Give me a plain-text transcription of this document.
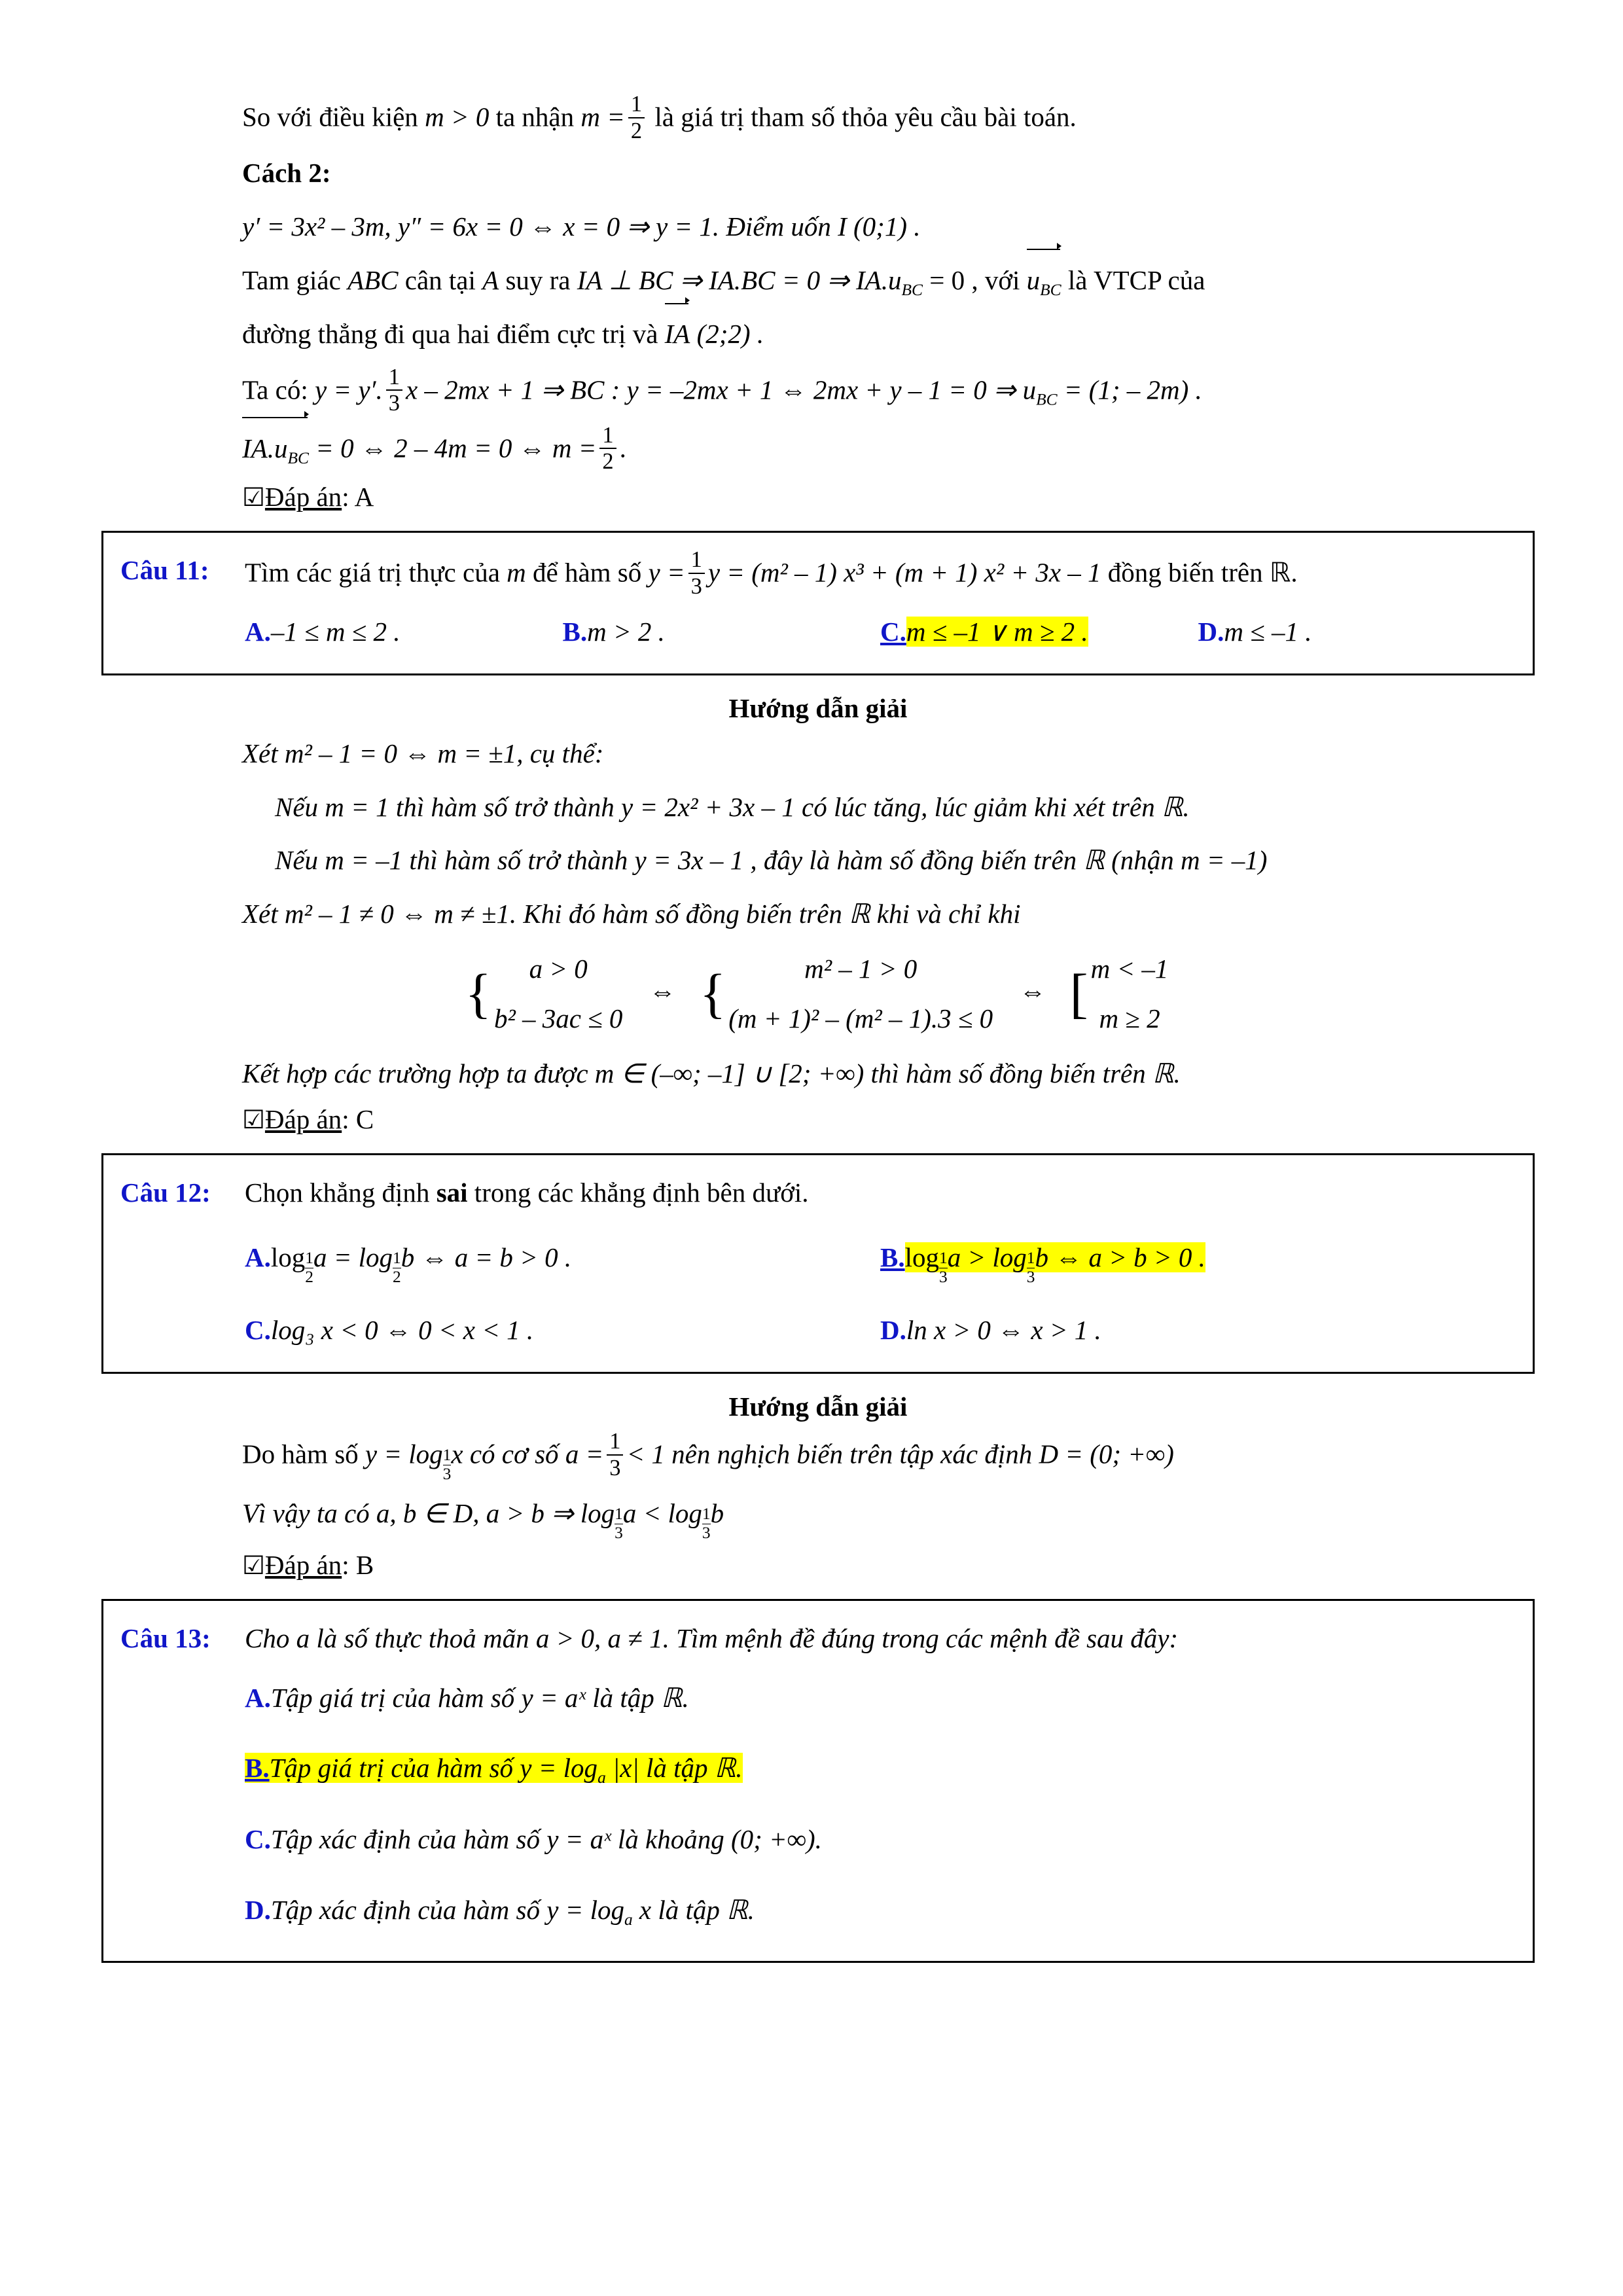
So với điều kiện m > 0 ta nhận $m = \frac{1}{2}$ là giá trị tham số thỏa yêu cầu bài toán.
Cách 2:
y′ = 3x² – 3m, y″ = 6x = 0 ⇔ x = 0 ⇒ y = 1. Điểm uốn I (0;1) .
Tam giác ABC cân tại A suy ra IA ⊥ BC ⇒ IA.BC = 0 ⇒ $IA.u_{BC} = 0$ , với $u_{BC}$ là VTCP của
đường thẳng đi qua hai điểm cực trị và IA (2;2) .
Ta có: y = y′. $\frac{1}{3}$ x – 2mx + 1 ⇒ BC : y = –2mx + 1 ⇔ 2mx + y – 1 = 0 ⇒ $u_{BC} = (1$; – 2m) .
$IA.u_{BC} = 0$ ⇔ 2 – 4m = 0 ⇔ $m = \frac{1}{2}$ .
☑Đáp án: A
Câu 11:	Tìm các giá trị thực của m để hàm số $y = \frac{1}{3}$ y = (m² – 1) x³ + (m + 1) x² + 3x – 1 đồng biến trên ℝ.
A.–1 ≤ m ≤ 2 .	B.m > 2 .	C.m ≤ –1 ∨ m ≥ 2 .	D.m ≤ –1 .
Hướng dẫn giải
Xét m² – 1 = 0 ⇔ m = ±1, cụ thể:
Nếu m = 1 thì hàm số trở thành y = 2x² + 3x – 1 có lúc tăng, lúc giảm khi xét trên ℝ.
Nếu m = –1 thì hàm số trở thành y = 3x – 1 , đây là hàm số đồng biến trên ℝ (nhận m = –1)
Xét m² – 1 ≠ 0 ⇔ m ≠ ±1. Khi đó hàm số đồng biến trên ℝ khi và chỉ khi
{	a > 0
b² – 3ac ≤ 0
⇔ {	m² – 1 > 0
(m + 1)² – (m² – 1).3 ≤ 0
⇔ [ m < –1
m ≥ 2
Kết hợp các trường hợp ta được m ∈ (–∞; –1] ∪ [2; +∞) thì hàm số đồng biến trên ℝ.
☑Đáp án: C
Câu 12:	Chọn khẳng định sai trong các khẳng định bên dưới.
$A.\log \frac{1}{2}$ $a = \log \frac{1}{2}$ b ⇔ a = b > 0 .	$B.\log \frac{1}{3}$ $a > \log \frac{1}{3}$ b ⇔ a > b > 0 .
C.log₃ x < 0 ⇔ 0 < x < 1 .	D.ln x > 0 ⇔ x > 1 .
Hướng dẫn giải
Do hàm số $y = \log \frac{1}{3}$ x có cơ số $a = \frac{1}{3} < 1$ nên nghịch biến trên tập xác định D = (0; +∞)
Vì vậy ta có a, b ∈ D, a > b ⇒ $\log \frac{1}{3}$ $a < \log \frac{1}{3}$ b
☑Đáp án: B
Câu 13:	Cho a là số thực thoả mãn a > 0, a ≠ 1. Tìm mệnh đề đúng trong các mệnh đề sau đây:
A.Tập giá trị của hàm số y = aˣ là tập ℝ.
B.Tập giá trị của hàm số $y = \log_a |x|$ là tập ℝ.
C.Tập xác định của hàm số y = aˣ là khoảng (0; +∞).
D.Tập xác định của hàm số $y = \log_a x$ là tập ℝ.
